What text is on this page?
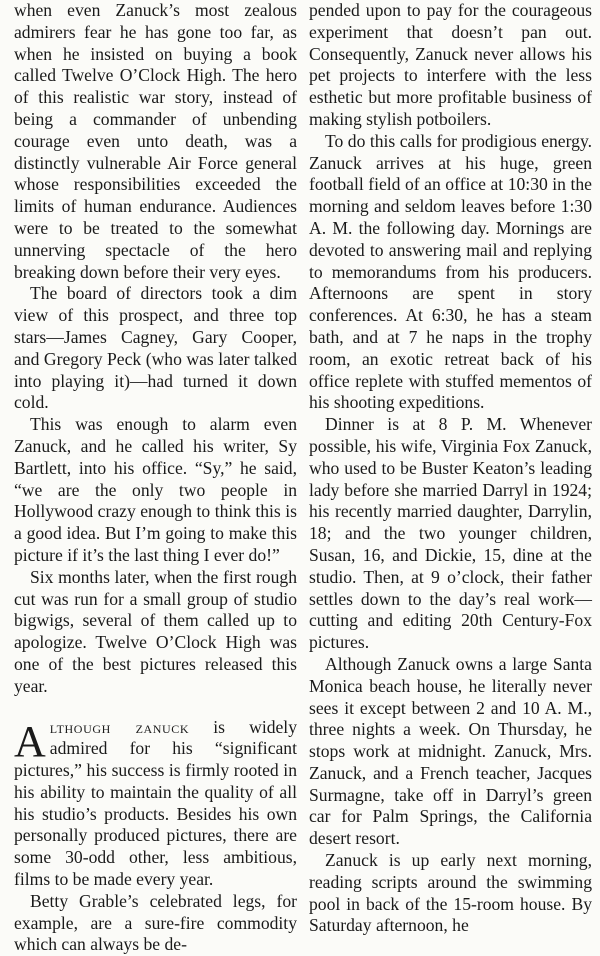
when even Zanuck’s most zealous admirers fear he has gone too far, as when he insisted on buying a book called Twelve O’Clock High. The hero of this realistic war story, instead of being a commander of unbending courage even unto death, was a distinctly vulnerable Air Force general whose responsibilities exceeded the limits of human endurance. Audiences were to be treated to the somewhat unnerving spectacle of the hero breaking down before their very eyes.

The board of directors took a dim view of this prospect, and three top stars—James Cagney, Gary Cooper, and Gregory Peck (who was later talked into playing it)—had turned it down cold.

This was enough to alarm even Zanuck, and he called his writer, Sy Bartlett, into his office. “Sy,” he said, “we are the only two people in Hollywood crazy enough to think this is a good idea. But I’m going to make this picture if it’s the last thing I ever do!”

Six months later, when the first rough cut was run for a small group of studio bigwigs, several of them called up to apologize. Twelve O’Clock High was one of the best pictures released this year.

Although zanuck is widely admired for his “significant pictures,” his success is firmly rooted in his ability to maintain the quality of all his studio’s products. Besides his own personally produced pictures, there are some 30-odd other, less ambitious, films to be made every year.

Betty Grable’s celebrated legs, for example, are a sure-fire commodity which can always be de-

pended upon to pay for the courageous experiment that doesn’t pan out. Consequently, Zanuck never allows his pet projects to interfere with the less esthetic but more profitable business of making stylish potboilers.

To do this calls for prodigious energy. Zanuck arrives at his huge, green football field of an office at 10:30 in the morning and seldom leaves before 1:30 A. M. the following day. Mornings are devoted to answering mail and replying to memorandums from his producers. Afternoons are spent in story conferences. At 6:30, he has a steam bath, and at 7 he naps in the trophy room, an exotic retreat back of his office replete with stuffed mementos of his shooting expeditions.

Dinner is at 8 P. M. Whenever possible, his wife, Virginia Fox Zanuck, who used to be Buster Keaton’s leading lady before she married Darryl in 1924; his recently married daughter, Darrylin, 18; and the two younger children, Susan, 16, and Dickie, 15, dine at the studio. Then, at 9 o’clock, their father settles down to the day’s real work—cutting and editing 20th Century-Fox pictures.

Although Zanuck owns a large Santa Monica beach house, he literally never sees it except between 2 and 10 A. M., three nights a week. On Thursday, he stops work at midnight. Zanuck, Mrs. Zanuck, and a French teacher, Jacques Surmagne, take off in Darryl’s green car for Palm Springs, the California desert resort.

Zanuck is up early next morning, reading scripts around the swimming pool in back of the 15-room house. By Saturday afternoon, he
